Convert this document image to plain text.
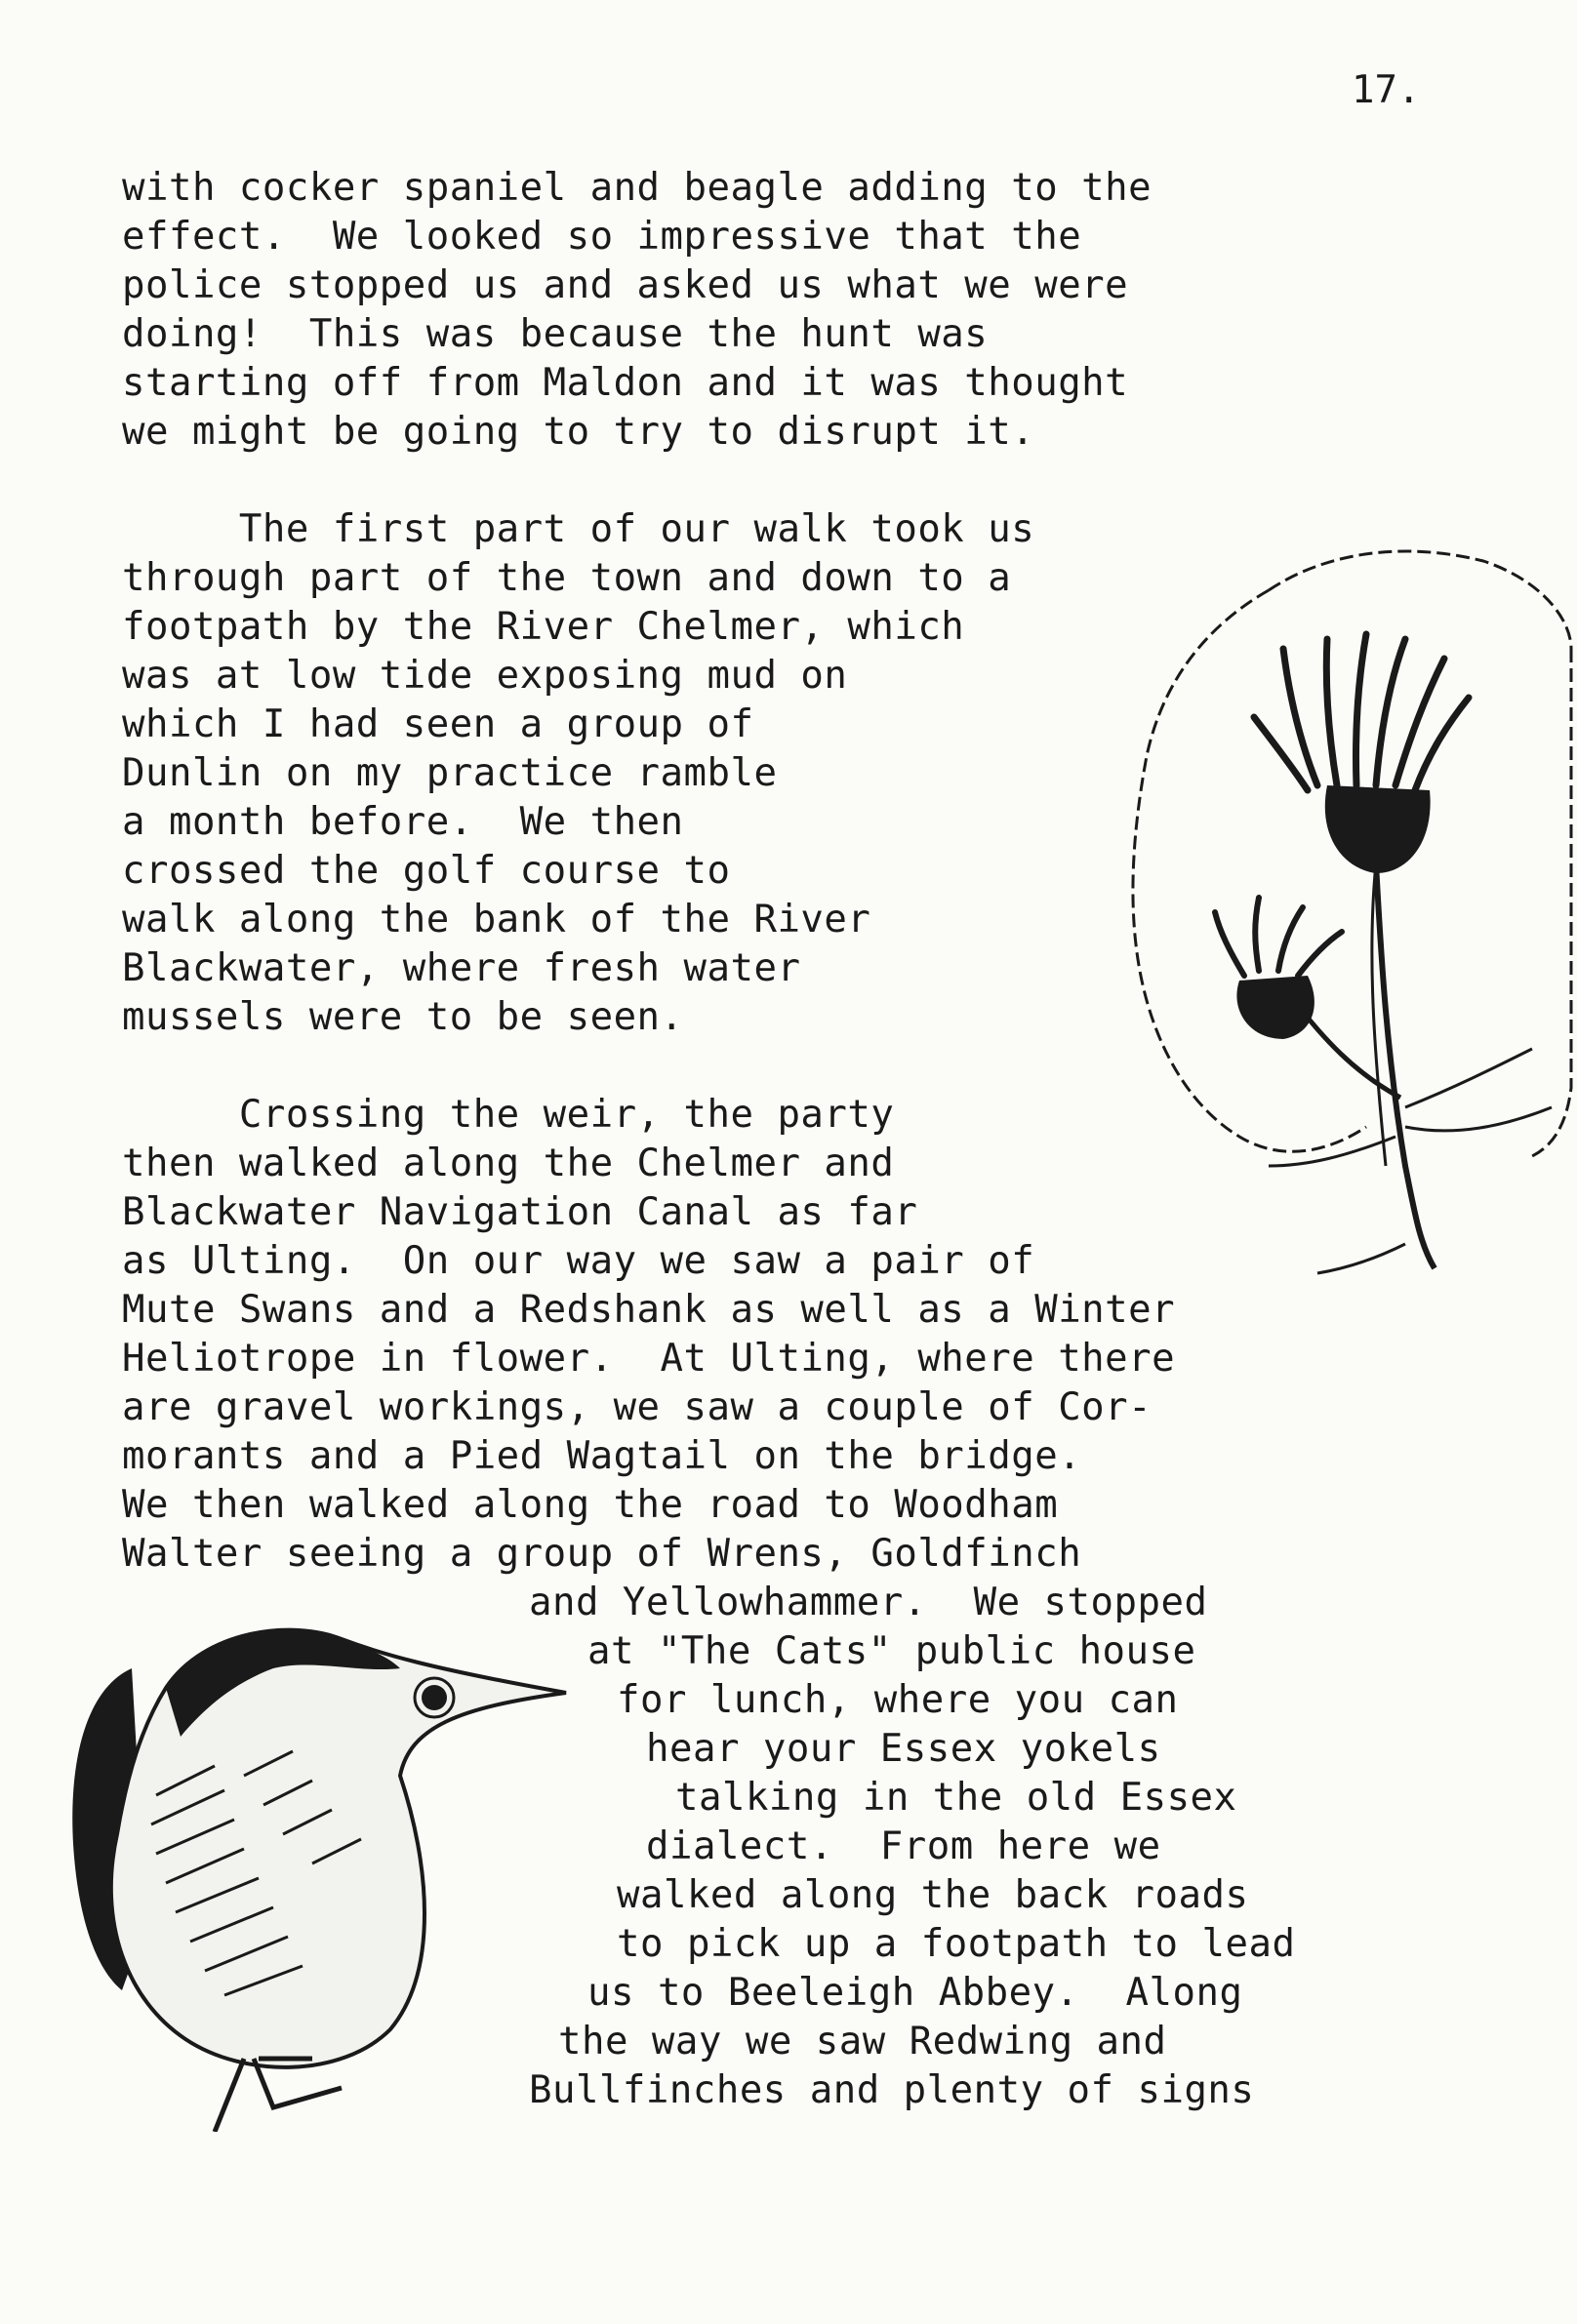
17.
with cocker spaniel and beagle adding to the
effect.  We looked so impressive that the
police stopped us and asked us what we were
doing!  This was because the hunt was
starting off from Maldon and it was thought
we might be going to try to disrupt it.
The first part of our walk took us
through part of the town and down to a
footpath by the River Chelmer, which
was at low tide exposing mud on
which I had seen a group of
Dunlin on my practice ramble
a month before.  We then
crossed the golf course to
walk along the bank of the River
Blackwater, where fresh water
mussels were to be seen.
Crossing the weir, the party
then walked along the Chelmer and
Blackwater Navigation Canal as far
as Ulting.  On our way we saw a pair of
Mute Swans and a Redshank as well as a Winter
Heliotrope in flower.  At Ulting, where there
are gravel workings, we saw a couple of Cor-
morants and a Pied Wagtail on the bridge.
We then walked along the road to Woodham
Walter seeing a group of Wrens, Goldfinch
and Yellowhammer.  We stopped
at "The Cats" public house
for lunch, where you can
hear your Essex yokels
talking in the old Essex
dialect.  From here we
walked along the back roads
to pick up a footpath to lead
us to Beeleigh Abbey.  Along
the way we saw Redwing and
Bullfinches and plenty of signs
